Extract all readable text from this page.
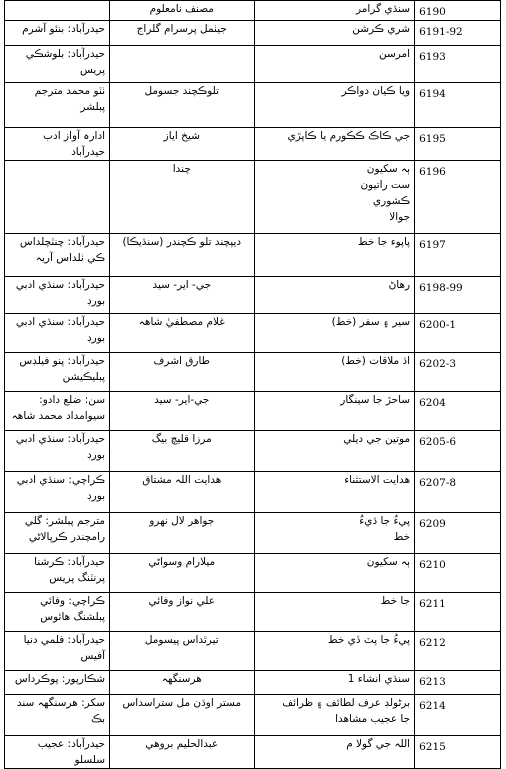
	مصنف نامعلوم	سنڌي گرامر	6190
حيدرآباد: بنئو آشرم	جيٺمل پرسرام گلراج	شري ڪرشن	6191-92
حيدرآباد: بلوشڪي پريس		امرسن	6193
ٺٽو محمد مترجم پبلشر	تلوڪچند جسومل	ويا ڪيان دواڪر	6194
ادارہ آواز ادب حيدرآباد	شيخ اياز	جي ڪاڪ ڪڪورم يا ڪاپڙي	6195
	چندا	ٻہ سکيون
ست راتيون
ڪشوري
جوالا	6196
حيدرآباد: چنٽچلداس ڪي ٺلداس آريہ	ديپچند تلو ڪچندر (سنڌيڪا)	پاپوء جا خط	6197
حيدرآباد: سنڌي ادبي بورڊ	جي- اير- سيد	رهاڻ	6198-99
حيدرآباد: سنڌي ادبي بورڊ	غلام مصطفيٰ شاهہ	سير ۽ سفر (خط)	6200-1
حيدرآباد: پنو فيلڊس پبليڪيشن	طارق اشرف	اڌ ملاقات (خط)	6202-3
سن: ضلع دادو: سيوامداد محمد شاهہ	جي-اير- سيد	ساحڙ جا سينگار	6204
حيدرآباد: سنڌي ادبي بورڊ	مرزا قليچ بيگ	موتين جي ديلي	6205-6
ڪراچي: سنڌي ادبي بورڊ	هدايت اللہ مشتاق	هدايت الاستثناء	6207-8
مترجم پبلشر: گلي رامچندر ڪرپالاڻي	جواهر لال نهرو	پيءُ جا ڌيءُ
خط	6209
حيدرآباد: ڪرشنا پرنٽنگ پريس	ميلارام وسواڻي	ٻہ سکيون	6210
ڪراچي: وفائي پبلشنگ هائوس	علي نواز وفائي	جا خط	6211
حيدرآباد: فلمي دنيا آفيس	تيرٿداس پيسومل	پيءُ جا پٽ ڏي خط	6212
شڪارپور: پوڪرداس	هرسنگهہ	سنڌي انشاء 1	6213
سکر: هرسنگهہ سند بڪ	مستر اوڌن مل ستراسداس	برٹولڊ عرف لطائف ۽ ظرائف
جا عجيب مشاهدا	6214
حيدرآباد: عجيب سلسلو	عبدالحليم بروهي	اللہ جي گولا م	6215
